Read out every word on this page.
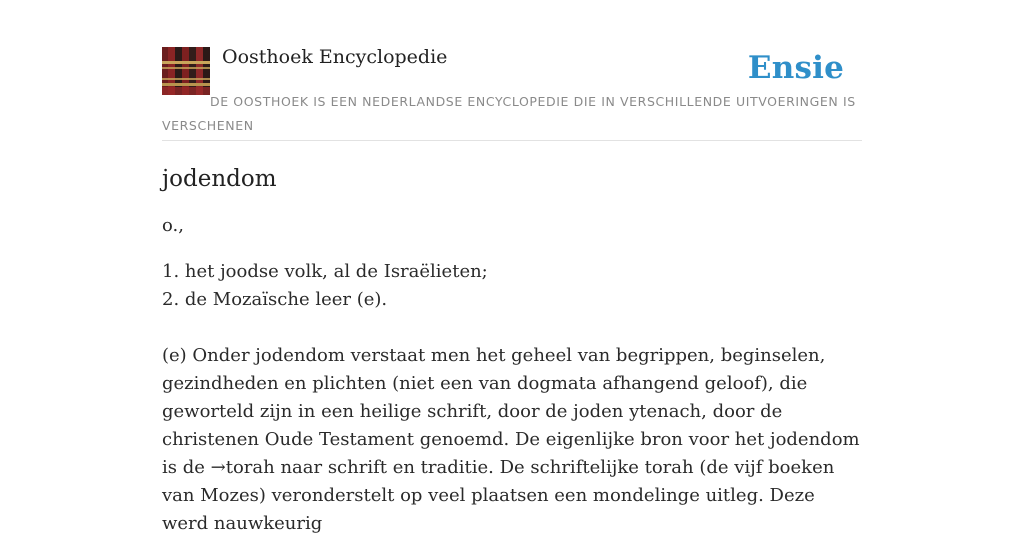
Oosthoek Encyclopedie	Ensie
DE OOSTHOEK IS EEN NEDERLANDSE ENCYCLOPEDIE DIE IN VERSCHILLENDE UITVOERINGEN IS VERSCHENEN
jodendom

o.,

1. het joodse volk, al de Israëlieten;
2. de Mozaïsche leer (e).

(e) Onder jodendom verstaat men het geheel van begrippen, beginselen, gezindheden en plichten (niet een van dogmata afhangend geloof), die geworteld zijn in een heilige schrift, door de joden ytenach, door de christenen Oude Testament genoemd. De eigenlijke bron voor het jodendom is de →torah naar schrift en traditie. De schriftelijke torah (de vijf boeken van Mozes) veronderstelt op veel plaatsen een mondelinge uitleg. Deze werd nauwkeurig
